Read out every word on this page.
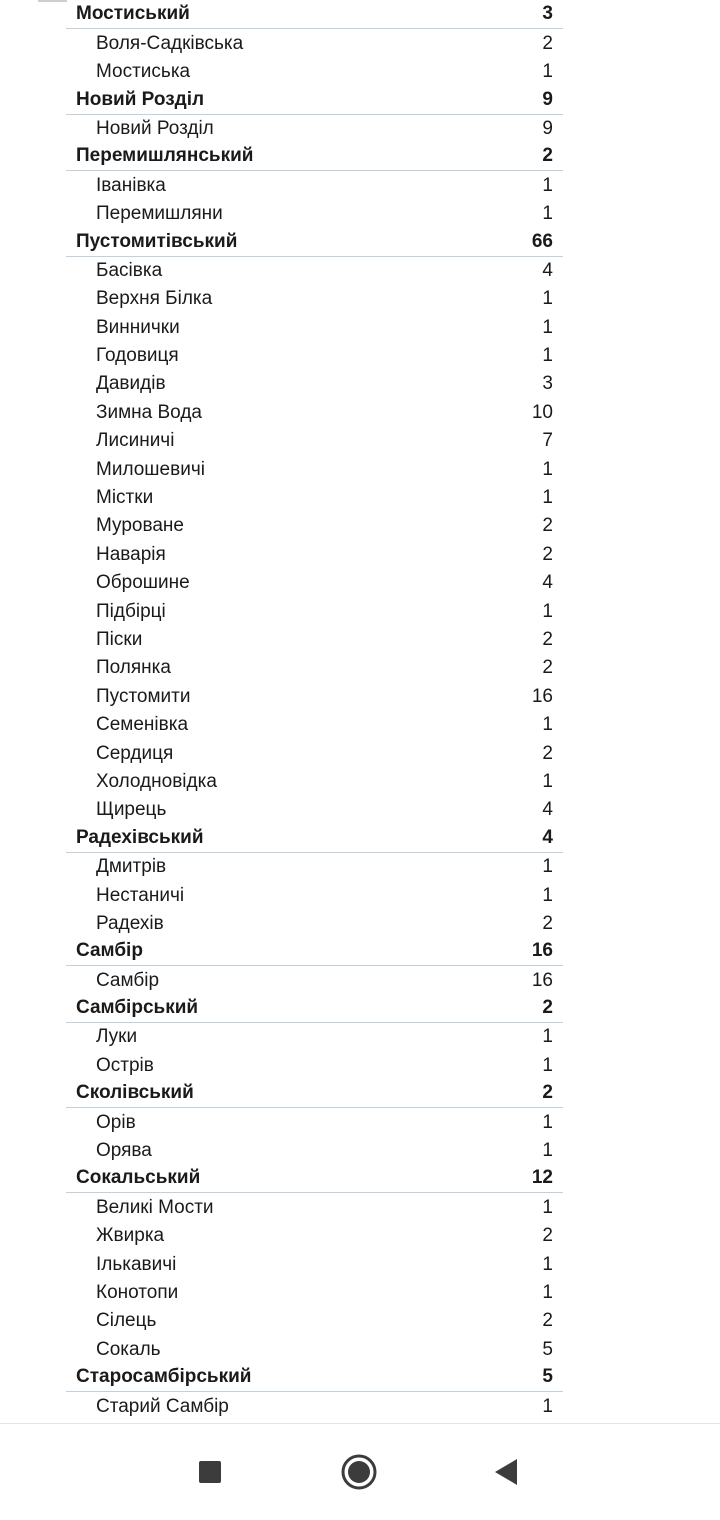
Мостиський	3
Воля-Садківська	2
Мостиська	1
Новий Розділ	9
Новий Розділ	9
Перемишлянський	2
Іванівка	1
Перемишляни	1
Пустомитівський	66
Басівка	4
Верхня Білка	1
Виннички	1
Годовиця	1
Давидів	3
Зимна Вода	10
Лисиничі	7
Милошевичі	1
Містки	1
Муроване	2
Наварія	2
Оброшине	4
Підбірці	1
Піски	2
Полянка	2
Пустомити	16
Семенівка	1
Сердиця	2
Холодновідка	1
Щирець	4
Радехівський	4
Дмитрів	1
Нестаничі	1
Радехів	2
Самбір	16
Самбір	16
Самбірський	2
Луки	1
Острів	1
Сколівський	2
Орів	1
Орява	1
Сокальський	12
Великі Мости	1
Жвирка	2
Ількавичі	1
Конотопи	1
Сілець	2
Сокаль	5
Старосамбірський	5
Старий Самбір	1
